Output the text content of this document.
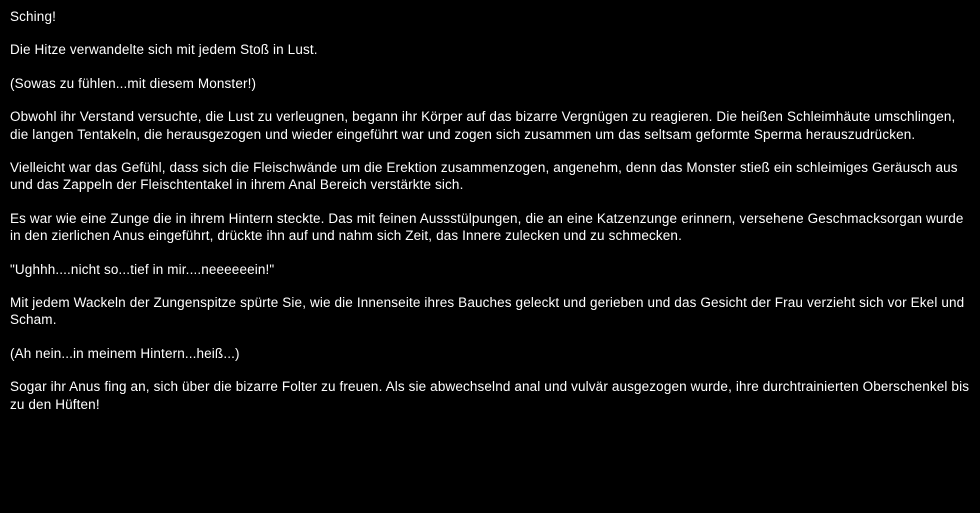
Sching!

Die Hitze verwandelte sich mit jedem Stoß in Lust.

(Sowas zu fühlen...mit diesem Monster!)

Obwohl ihr Verstand versuchte, die Lust zu verleugnen, begann ihr Körper auf das bizarre Vergnügen zu reagieren. Die heißen Schleimhäute umschlingen, die langen Tentakeln, die herausgezogen und wieder eingeführt war und zogen sich zusammen um das seltsam geformte Sperma herauszudrücken.

Vielleicht war das Gefühl, dass sich die Fleischwände um die Erektion zusammenzogen, angenehm, denn das Monster stieß ein schleimiges Geräusch aus und das Zappeln der Fleischtentakel in ihrem Anal Bereich verstärkte sich.

Es war wie eine Zunge die in ihrem Hintern steckte. Das mit feinen Aussstülpungen, die an eine Katzenzunge erinnern, versehene Geschmacksorgan wurde in den zierlichen Anus eingeführt, drückte ihn auf und nahm sich Zeit, das Innere zulecken und zu schmecken.

"Ughhh....nicht so...tief in mir....neeeeeein!"

Mit jedem Wackeln der Zungenspitze spürte Sie, wie die Innenseite ihres Bauches geleckt und gerieben und das Gesicht der Frau verzieht sich vor Ekel und Scham.

(Ah nein...in meinem Hintern...heiß...)

Sogar ihr Anus fing an, sich über die bizarre Folter zu freuen. Als sie abwechselnd anal und vulvär ausgezogen wurde, ihre durchtrainierten Oberschenkel bis zu den Hüften!
